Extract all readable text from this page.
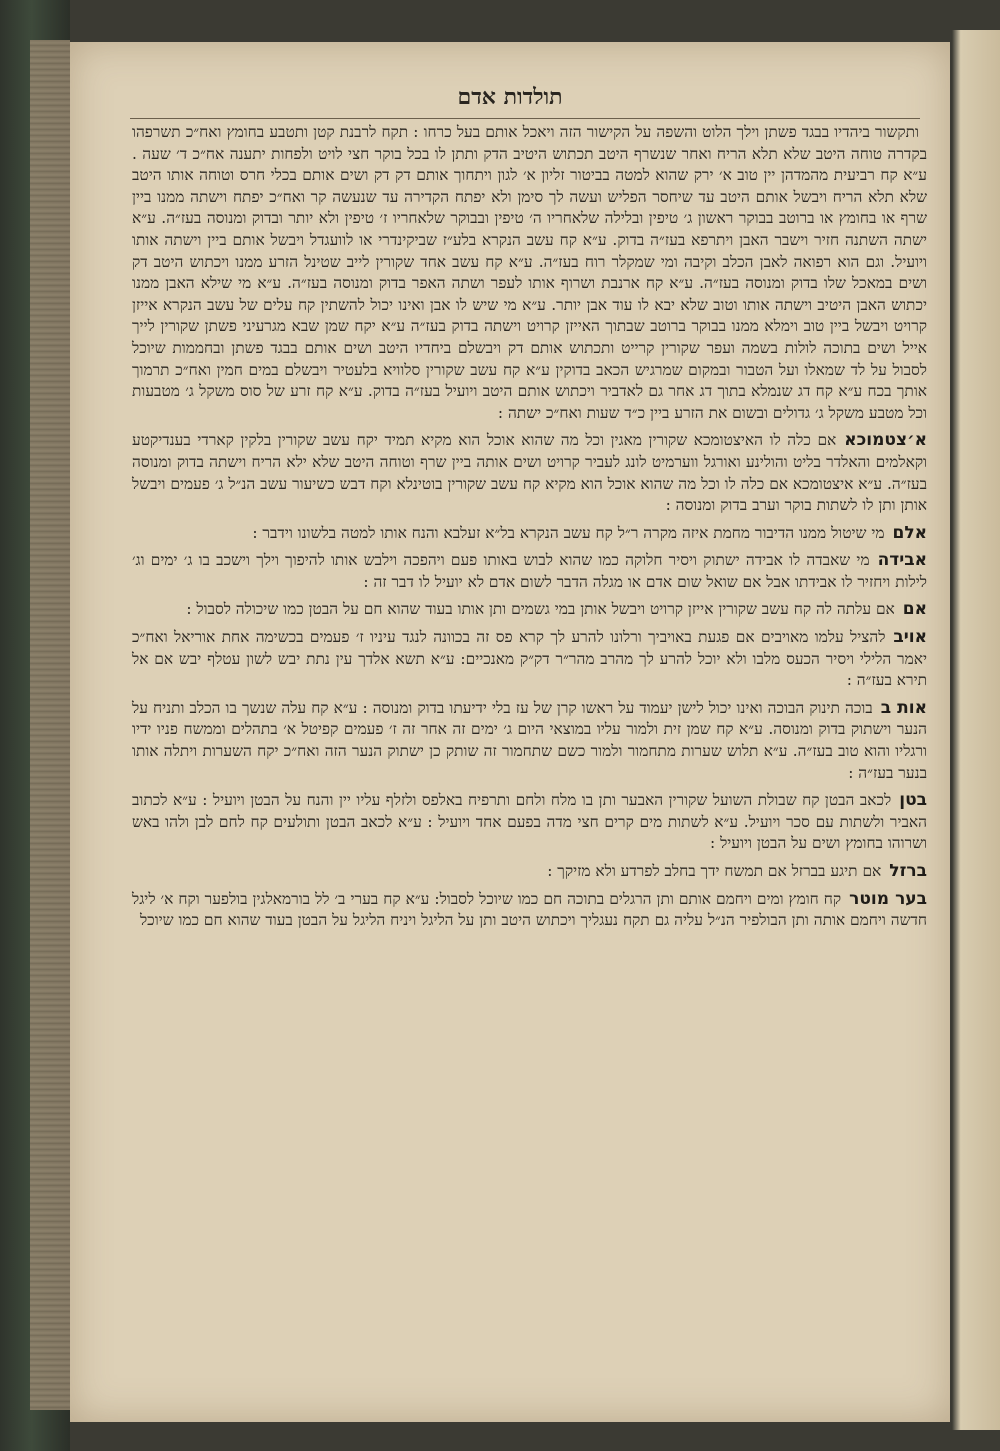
תולדות אדם

ותקשור ביהדיו בבגד פשתן וילך הלוט והשפה על הקישור הזה ויאכל אותם בעל כרחו : תקח לרבנת קטן ותטבע בחומץ ואח״כ תשרפהו בקדרה טוחה היטב שלא תלא הריח ואחר שנשרף היטב תכתוש היטיב הדק ותתן לו בכל בוקר חצי לויט ולפחות יתענה אח״כ ד׳ שעה . ע״א קח רביעית מהמדהן יין טוב א׳ ירק שהוא למטה בביטור זליון א׳ לגון ויתחוך אותם דק דק ושים אותם בכלי חרס וטוחה אותו היטב שלא תלא הריח ויבשל אותם היטב עד שיחסר הפליש ועשה לך סימן ולא יפתח הקדירה עד שנעשה קר ואח״כ יפתח וישתה ממנו ביין שרף או בחומץ או ברוטב בבוקר ראשון ג׳ טיפין ובלילה שלאחריו ה׳ טיפין ובבוקר שלאחריו ז׳ טיפין ולא יותר ובדוק ומנוסה בעז״ה. ע״א ישתה השתנה חזיר וישבר האבן ויתרפא בעז״ה בדוק. ע״א קח עשב הנקרא בלע״ז שביקינדרי או לוועגדל ויבשל אותם ביין וישתה אותו ויועיל. וגם הוא רפואה לאבן הכלב וקיבה ומי שמקלר רוח בעז״ה. ע״א קח עשב אחד שקורין לייב שטינל הזרע ממנו ויכתוש היטב דק ושים במאכל שלו בדוק ומנוסה בעז״ה. ע״א קח ארנבת ושרוף אותו לעפר ושתה האפר בדוק ומנוסה בעז״ה. ע״א מי שילא האבן ממנו יכתוש האבן היטיב וישתה אותו וטוב שלא יבא לו עוד אבן יותר. ע״א מי שיש לו אבן ואינו יכול להשתין קח עלים של עשב הנקרא אייזן קרויט ויבשל ביין טוב וימלא ממנו בבוקר ברוטב שבתוך האייזן קרויט וישתה בדוק בעז״ה ע״א יקח שמן שבא מגרעיני פשתן שקורין לייך אייל ושים בתוכה לולות בשמה ועפר שקורין קרייט ותכתוש אותם דק ויבשלם ביחדיו היטב ושים אותם בבגד פשתן ובחממות שיוכל לסבול על לד שמאלו ועל הטבור ובמקום שמרגיש הכאב בדוקין ע״א קח עשב שקורין סלוויא בלעטיר ויבשלם במים חמין ואח״כ תרמוך אותך בכח ע״א קח דג שנמלא בתוך דג אחר גם לאדביר ויכתוש אותם היטב ויועיל בעז״ה בדוק. ע״א קח זרע של סוס משקל ג׳ מטבעות וכל מטבע משקל ג׳ גדולים ובשום את הזרע ביין כ״ד שעות ואח״כ ישתה :

א׳צטמוכאאם כלה לו האיצטומכא שקורין מאגין וכל מה שהוא אוכל הוא מקיא תמיד יקח עשב שקורין בלקין קארדי בענדיקטע וקאלמים והאלדר בליט והולינע ואורגל ווערמיט לונג לעביר קרויט ושים אותה ביין שרף וטוחה היטב שלא ילא הריח וישתה בדוק ומנוסה בעז״ה. ע״א איצטומכא אם כלה לו וכל מה שהוא אוכל הוא מקיא קח עשב שקורין בוטינלא וקח דבש כשיעור עשב הנ״ל ג׳ פעמים ויבשל אותן ותן לו לשתות בוקר וערב בדוק ומנוסה :

אלםמי שיטול ממנו הדיבור מחמת איזה מקרה ר״ל קח עשב הנקרא בל״א זעלבא והנח אותו למטה בלשונו וידבר :

אבידהמי שאבדה לו אבידה ישתוק ויסיר חלוקה כמו שהוא לבוש באותו פעם ויהפכה וילבש אותו להיפוך וילך וישכב בו ג׳ ימים וג׳ לילות ויחזיר לו אבידתו אבל אם שואל שום אדם או מגלה הדבר לשום אדם לא יועיל לו דבר זה :

אםאם עלתה לה קח עשב שקורין אייזן קרויט ויבשל אותן במי גשמים ותן אותו בעוד שהוא חם על הבטן כמו שיכולה לסבול :

אויבלהציל עלמו מאויבים אם פגעת באויביך ורלונו להרע לך קרא פס זה בכוונה לנגד עיניו ז׳ פעמים בכשימה אחת אוריאל ואח״כ יאמר הלילי ויסיר הכעס מלבו ולא יוכל להרע לך מהרב מהר״ר דק״ק מאנכיים: ע״א תשא אלדך עין נתת יבש לשון עטלף יבש אם אל תירא בעז״ה :

אות בבוכה תינוק הבוכה ואינו יכול לישן יעמוד על ראשו קרן של עז בלי ידיעתו בדוק ומנוסה : ע״א קח עלה שנשך בו הכלב ותניח על הנער וישתוק בדוק ומנוסה. ע״א קח שמן זית ולמור עליו במוצאי היום ג׳ ימים זה אחר זה ז׳ פעמים קפיטל א׳ בתהלים וממשח פניו ידיו ורגליו והוא טוב בעז״ה. ע״א תלוש שערות מתחמור ולמור כשם שתחמור זה שותק כן ישתוק הנער הזה ואח״כ יקח השערות ויתלה אותו בנער בעז״ה :

בטןלכאב הבטן קח שבולת השועל שקורין האבער ותן בו מלח ולחם ותרפיח באלפס ולזלף עליו יין והנח על הבטן ויועיל : ע״א לכתוב האביר ולשתות עם סכר ויועיל. ע״א לשתות מים קרים חצי מדה בפעם אחד ויועיל : ע״א לכאב הבטן ותולעים קח לחם לבן ולהו באש ושרוהו בחומץ ושים על הבטן ויועיל :

ברזלאם תיגע בברזל אם תמשח ידך בחלב לפרדע ולא מזיקך :

בער מוטרקח חומץ ומים ויחמם אותם ותן הרגלים בתוכה חם כמו שיוכל לסבול: ע״א קח בערי ב׳ לל בורמאלגין בולפער וקח א׳ ליגל חדשה ויחמם אותה ותן הבולפיר הנ״ל עליה גם תקח נעגליך ויכתוש היטב ותן על הליגל ויניח הליגל על הבטן בעוד שהוא חם כמו שיוכל
